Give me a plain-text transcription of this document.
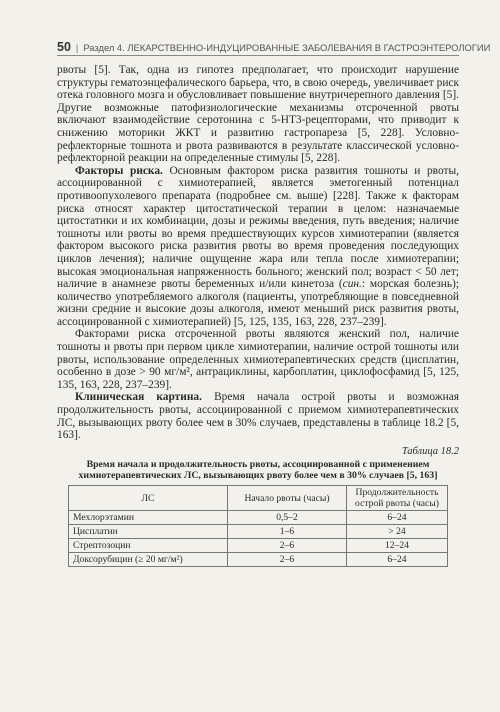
50 | Раздел 4. ЛЕКАРСТВЕННО-ИНДУЦИРОВАННЫЕ ЗАБОЛЕВАНИЯ В ГАСТРОЭНТЕРОЛОГИИ

рвоты [5]. Так, одна из гипотез предполагает, что происходит нарушение структуры гематоэнцефалического барьера, что, в свою очередь, увеличивает риск отека головного мозга и обусловливает повышение внутричерепного давления [5]. Другие возможные патофизиологические механизмы отсроченной рвоты включают взаимодействие серотонина с 5-НТ3-рецепторами, что приводит к снижению моторики ЖКТ и развитию гастропареза [5, 228]. Условно-рефлекторные тошнота и рвота развиваются в результате классической условно-рефлекторной реакции на определенные стимулы [5, 228].

Факторы риска. Основным фактором риска развития тошноты и рвоты, ассоциированной с химиотерапией, является эметогенный потенциал противоопухолевого препарата (подробнее см. выше) [228]. Также к факторам риска относят характер цитостатической терапии в целом: назначаемые цитостатики и их комбинации, дозы и режимы введения, путь введения; наличие тошноты или рвоты во время предшествующих курсов химиотерапии (является фактором высокого риска развития рвоты во время проведения последующих циклов лечения); наличие ощущение жара или тепла после химиотерапии; высокая эмоциональная напряженность больного; женский пол; возраст < 50 лет; наличие в анамнезе рвоты беременных и/или кинетоза (син.: морская болезнь); количество употребляемого алкоголя (пациенты, употребляющие в повседневной жизни средние и высокие дозы алкоголя, имеют меньший риск развития рвоты, ассоциированной с химиотерапией) [5, 125, 135, 163, 228, 237–239].

Факторами риска отсроченной рвоты являются женский пол, наличие тошноты и рвоты при первом цикле химиотерапии, наличие острой тошноты или рвоты, использование определенных химиотерапевтических средств (цисплатин, особенно в дозе > 90 мг/м², антрациклины, карбоплатин, циклофосфамид [5, 125, 135, 163, 228, 237–239].

Клиническая картина. Время начала острой рвоты и возможная продолжительность рвоты, ассоциированной с приемом химиотерапевтических ЛС, вызывающих рвоту более чем в 30% случаев, представлены в таблице 18.2 [5, 163].

Таблица 18.2
Время начала и продолжительность рвоты, ассоциированной с применением химиотерапевтических ЛС, вызывающих рвоту более чем в 30% случаев [5, 163]
ЛС	Начало рвоты (часы)	Продолжительность острой рвоты (часы)
Мехлорэтамин	0,5–2	6–24
Цисплатин	1–6	> 24
Стрептозоцин	2–6	12–24
Доксорубицин (≥ 20 мг/м²)	2–6	6–24
